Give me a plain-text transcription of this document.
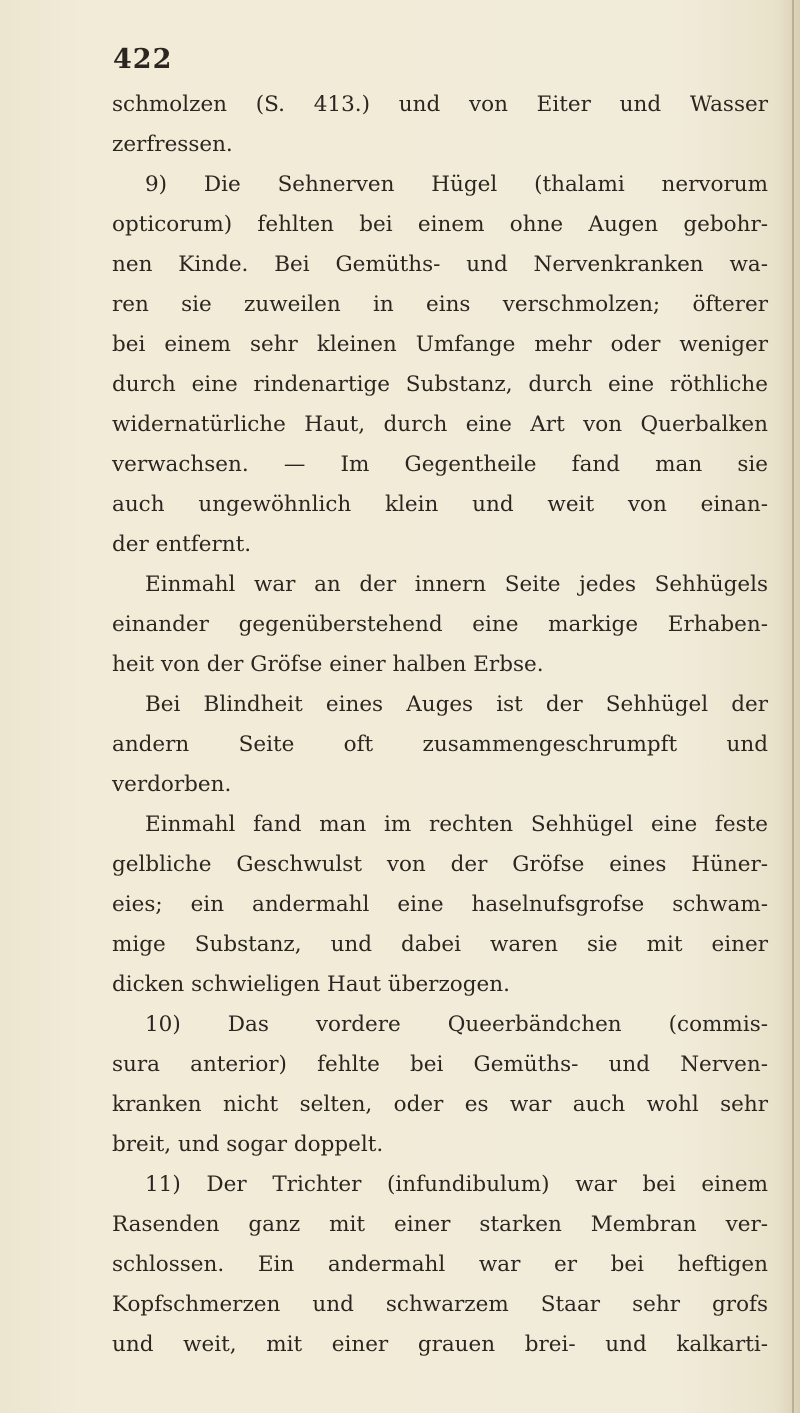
422
schmolzen (S. 413.) und von Eiter und Wasser
zerfressen.
9) Die Sehnerven Hügel (thalami nervorum
opticorum) fehlten bei einem ohne Augen gebohr-
nen Kinde. Bei Gemüths- und Nervenkranken wa-
ren sie zuweilen in eins verschmolzen; öfterer
bei einem sehr kleinen Umfange mehr oder weniger
durch eine rindenartige Substanz, durch eine röthliche
widernatürliche Haut, durch eine Art von Querbalken
verwachsen. — Im Gegentheile fand man sie
auch ungewöhnlich klein und weit von einan-
der entfernt.
Einmahl war an der innern Seite jedes Sehhügels
einander gegenüberstehend eine markige Erhaben-
heit von der Gröfse einer halben Erbse.
Bei Blindheit eines Auges ist der Sehhügel der
andern Seite oft zusammengeschrumpft und
verdorben.
Einmahl fand man im rechten Sehhügel eine feste
gelbliche Geschwulst von der Gröfse eines Hüner-
eies; ein andermahl eine haselnufsgrofse schwam-
mige Substanz, und dabei waren sie mit einer
dicken schwieligen Haut überzogen.
10) Das vordere Queerbändchen (commis-
sura anterior) fehlte bei Gemüths- und Nerven-
kranken nicht selten, oder es war auch wohl sehr
breit, und sogar doppelt.
11) Der Trichter (infundibulum) war bei einem
Rasenden ganz mit einer starken Membran ver-
schlossen. Ein andermahl war er bei heftigen
Kopfschmerzen und schwarzem Staar sehr grofs
und weit, mit einer grauen brei- und kalkarti-
